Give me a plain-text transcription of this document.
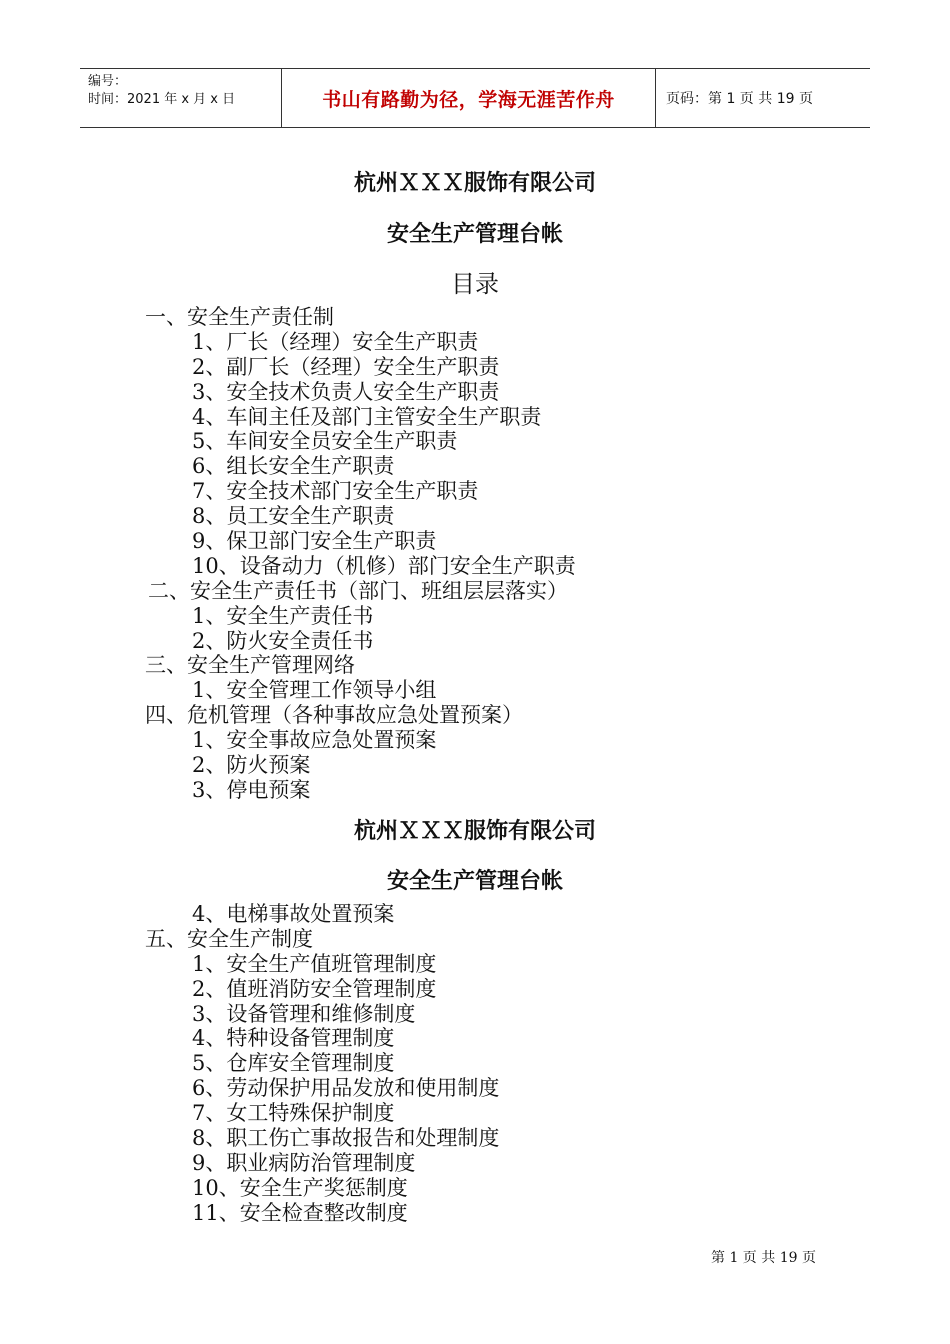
编号：
时间：2021 年 x 月 x 日	书山有路勤为径，学海无涯苦作舟	页码：第 1 页 共 19 页
杭州ＸＸＸ服饰有限公司
安全生产管理台帐
目录
一、安全生产责任制
1、厂长（经理）安全生产职责
2、副厂长（经理）安全生产职责
3、安全技术负责人安全生产职责
4、车间主任及部门主管安全生产职责
5、车间安全员安全生产职责
6、组长安全生产职责
7、安全技术部门安全生产职责
8、员工安全生产职责
9、保卫部门安全生产职责
10、设备动力（机修）部门安全生产职责
二、安全生产责任书（部门、班组层层落实）
1、安全生产责任书
2、防火安全责任书
三、安全生产管理网络
1、安全管理工作领导小组
四、危机管理（各种事故应急处置预案）
1、安全事故应急处置预案
2、防火预案
3、停电预案
杭州ＸＸＸ服饰有限公司
安全生产管理台帐
4、电梯事故处置预案
五、安全生产制度
1、安全生产值班管理制度
2、值班消防安全管理制度
3、设备管理和维修制度
4、特种设备管理制度
5、仓库安全管理制度
6、劳动保护用品发放和使用制度
7、女工特殊保护制度
8、职工伤亡事故报告和处理制度
9、职业病防治管理制度
10、安全生产奖惩制度
11、安全检查整改制度
第 1 页 共 19 页
